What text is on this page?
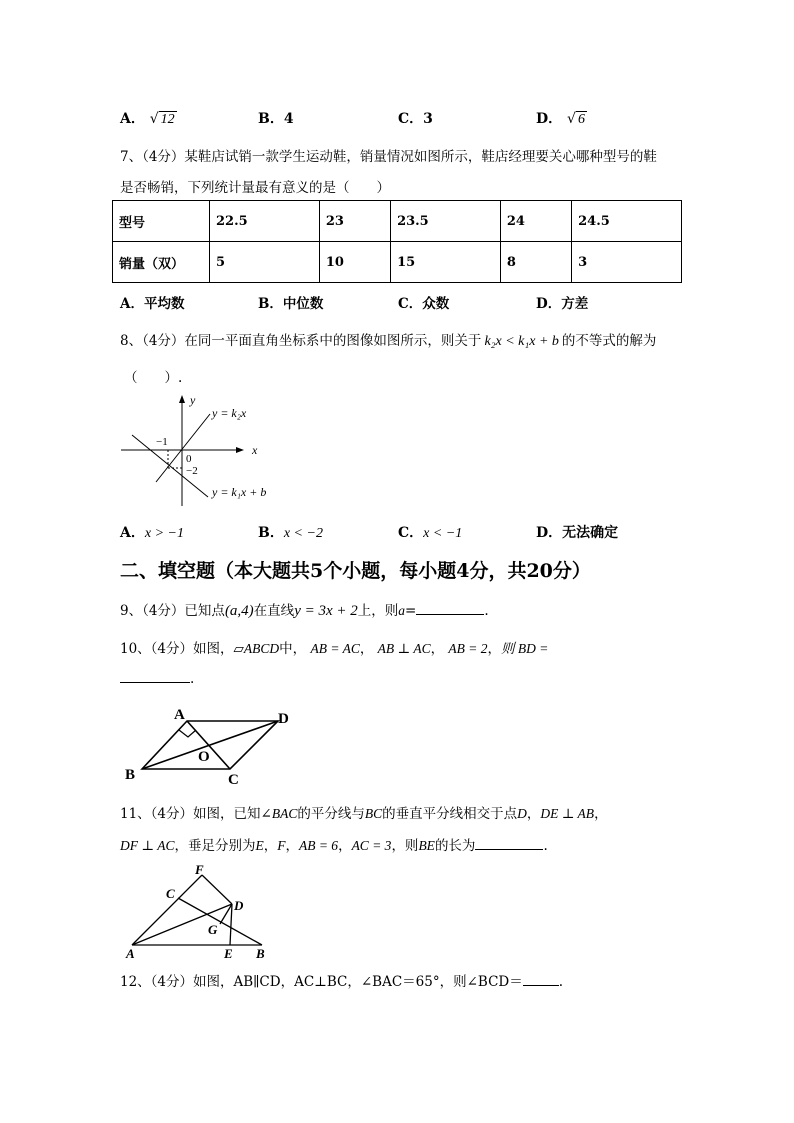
A． √ 12	B．4	C．3	D． √ 6
7、（4分）某鞋店试销一款学生运动鞋，销量情况如图所示，鞋店经理要关心哪种型号的鞋
是否畅销，下列统计量最有意义的是（　　）
型号	22.5	23	23.5	24	24.5
销量（双）	5	10	15	8	3
A．平均数	B．中位数	C．众数	D．方差
8、（4分）在同一平面直角坐标系中的图像如图所示，则关于 k₂x < k₁x + b 的不等式的解为
（　　）.
y
x
0
−1
−2
y = k₂x
y = k₁x + b
A．x > −1	B．x < −2	C．x < −1	D．无法确定
二、填空题（本大题共5个小题，每小题4分，共20分）
9、（4分）已知点(a,4)在直线y = 3x + 2上，则a=	.
10、（4分）如图，▱ABCD中， AB = AC， AB ⊥ AC， AB = 2，则 BD =
.
A
B	C
D
O
11、（4分）如图，已知∠BAC的平分线与BC的垂直平分线相交于点D，DE ⊥ AB，
DF ⊥ AC，垂足分别为E，F，AB = 6，AC = 3，则BE的长为	.
F
C
D
G
A	E B
12、（4分）如图，AB∥CD，AC⊥BC，∠BAC＝65°，则∠BCD＝	.
